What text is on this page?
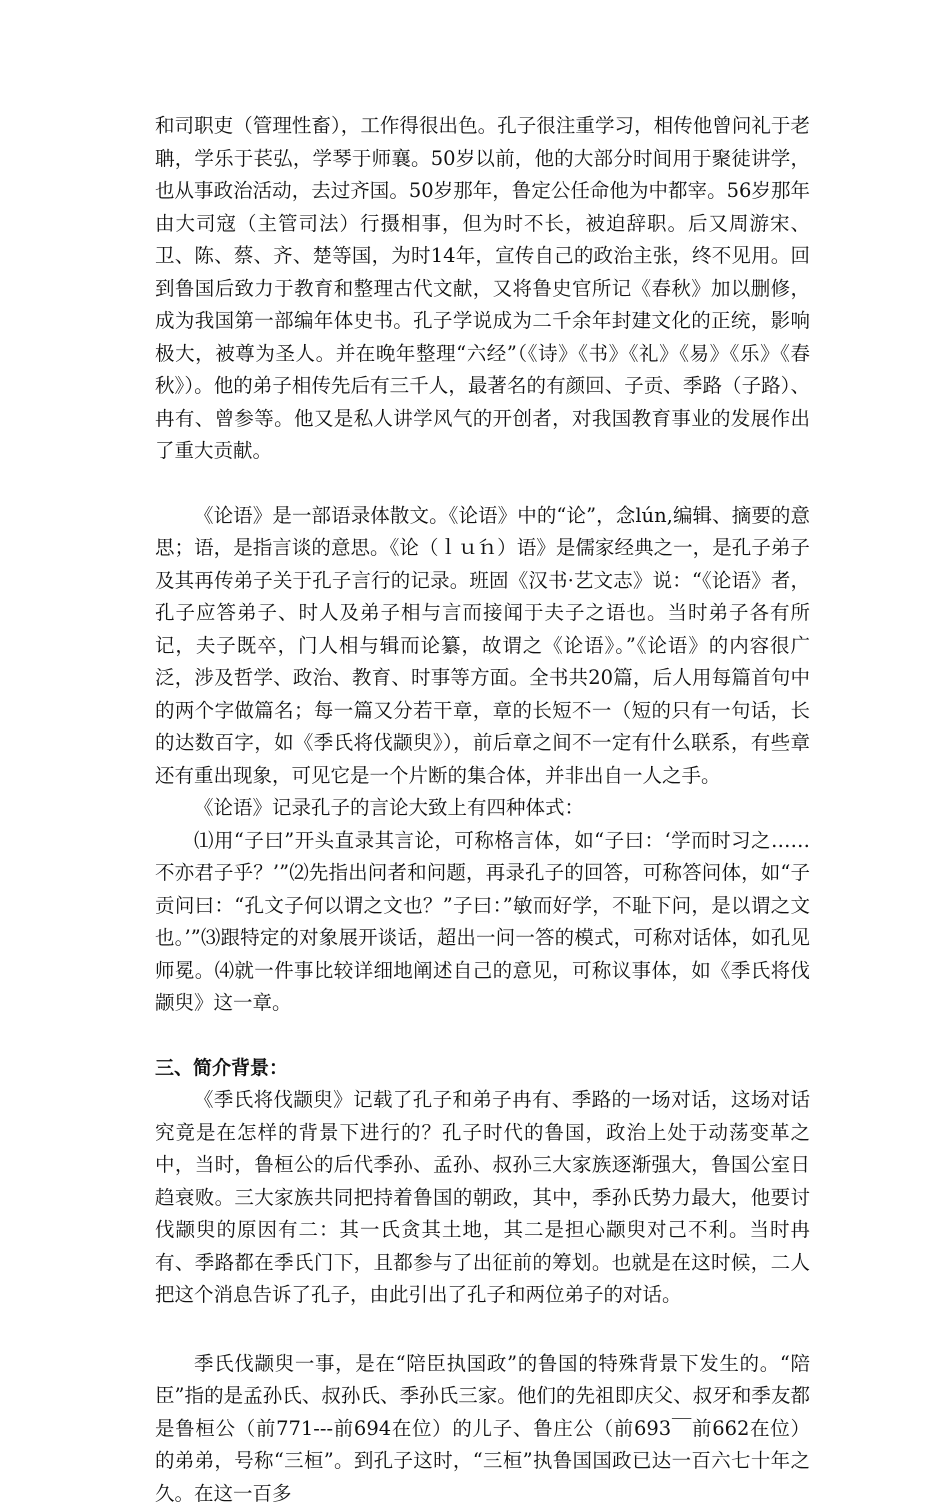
和司职吏（管理性畜），工作得很出色。孔子很注重学习，相传他曾问礼于老聃，学乐于苌弘，学琴于师襄。50岁以前，他的大部分时间用于聚徒讲学，也从事政治活动，去过齐国。50岁那年，鲁定公任命他为中都宰。56岁那年由大司寇（主管司法）行摄相事，但为时不长，被迫辞职。后又周游宋、卫、陈、蔡、齐、楚等国，为时14年，宣传自己的政治主张，终不见用。回到鲁国后致力于教育和整理古代文献，又将鲁史官所记《春秋》加以删修，成为我国第一部编年体史书。孔子学说成为二千余年封建文化的正统，影响极大，被尊为圣人。并在晚年整理“六经”（《诗》《书》《礼》《易》《乐》《春秋》）。他的弟子相传先后有三千人，最著名的有颜回、子贡、季路（子路）、冉有、曾参等。他又是私人讲学风气的开创者，对我国教育事业的发展作出了重大贡献。

《论语》是一部语录体散文。《论语》中的“论”，念lún,编辑、摘要的意思；语，是指言谈的意思。《论（ｌｕ́ｎ）语》是儒家经典之一，是孔子弟子及其再传弟子关于孔子言行的记录。班固《汉书·艺文志》说：“《论语》者，孔子应答弟子、时人及弟子相与言而接闻于夫子之语也。当时弟子各有所记，夫子既卒，门人相与辑而论纂，故谓之《论语》。”《论语》的内容很广泛，涉及哲学、政治、教育、时事等方面。全书共20篇，后人用每篇首句中的两个字做篇名；每一篇又分若干章，章的长短不一（短的只有一句话，长的达数百字，如《季氏将伐颛臾》），前后章之间不一定有什么联系，有些章还有重出现象，可见它是一个片断的集合体，并非出自一人之手。

《论语》记录孔子的言论大致上有四种体式：

⑴用“子曰”开头直录其言论，可称格言体，如“子曰：‘学而时习之……不亦君子乎？’”⑵先指出问者和问题，再录孔子的回答，可称答问体，如“子贡问曰：“孔文子何以谓之文也？”子曰：”敏而好学，不耻下问，是以谓之文也。’”⑶跟特定的对象展开谈话，超出一问一答的模式，可称对话体，如孔见师冕。⑷就一件事比较详细地阐述自己的意见，可称议事体，如《季氏将伐颛臾》这一章。

三、简介背景：

《季氏将伐颛臾》记载了孔子和弟子冉有、季路的一场对话，这场对话究竟是在怎样的背景下进行的？孔子时代的鲁国，政治上处于动荡变革之中，当时，鲁桓公的后代季孙、孟孙、叔孙三大家族逐渐强大，鲁国公室日趋衰败。三大家族共同把持着鲁国的朝政，其中，季孙氏势力最大，他要讨伐颛臾的原因有二：其一氏贪其土地，其二是担心颛臾对己不利。当时冉有、季路都在季氏门下，且都参与了出征前的筹划。也就是在这时候，二人把这个消息告诉了孔子，由此引出了孔子和两位弟子的对话。

季氏伐颛臾一事，是在“陪臣执国政”的鲁国的特殊背景下发生的。“陪臣”指的是孟孙氏、叔孙氏、季孙氏三家。他们的先祖即庆父、叔牙和季友都是鲁桓公（前771---前694在位）的儿子、鲁庄公（前693￣前662在位）的弟弟，号称“三桓”。到孔子这时，“三桓”执鲁国国政已达一百六七十年之久。在这一百多
